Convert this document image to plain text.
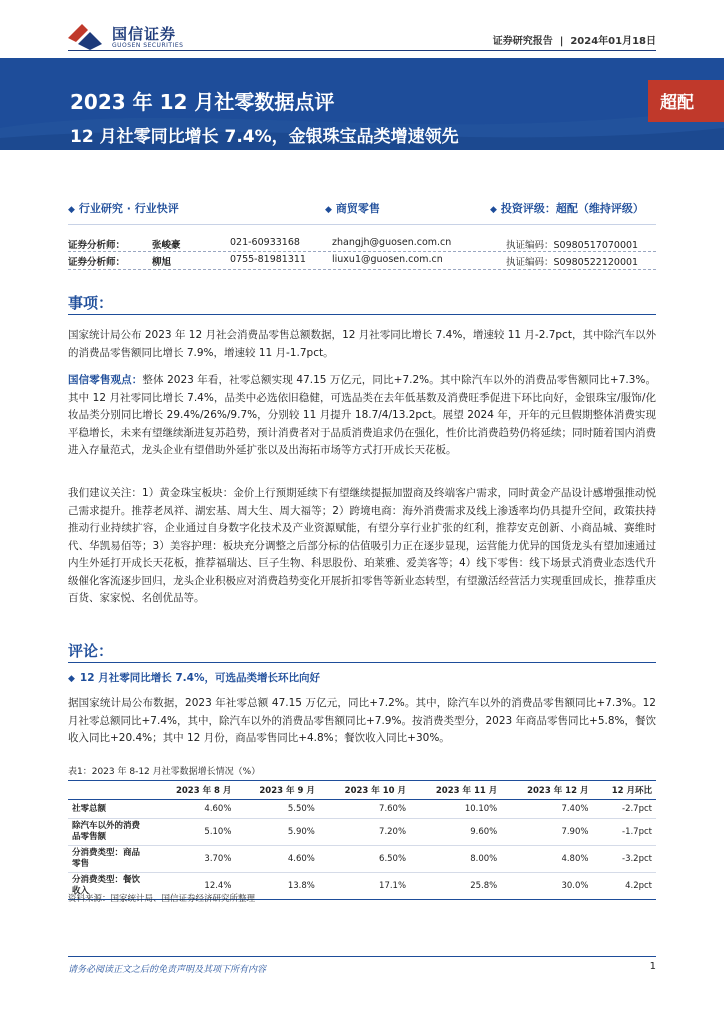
国信证券
GUOSEN SECURITIES	证券研究报告  |  2024年01月18日
2023 年 12 月社零数据点评
12 月社零同比增长 7.4%，金银珠宝品类增速领先
超配
◆ 行业研究 · 行业快评	◆ 商贸零售	◆ 投资评级：超配（维持评级）
证券分析师：	张峻豪	021-60933168	zhangjh@guosen.com.cn	执证编码：S0980517070001
证券分析师：	柳旭	0755-81981311	liuxu1@guosen.com.cn	执证编码：S0980522120001
事项：
国家统计局公布 2023 年 12 月社会消费品零售总额数据，12 月社零同比增长 7.4%，增速较 11 月-2.7pct，其中除汽车以外的消费品零售额同比增长 7.9%，增速较 11 月-1.7pct。
国信零售观点：整体 2023 年看，社零总额实现 47.15 万亿元，同比+7.2%。其中除汽车以外的消费品零售额同比+7.3%。其中 12 月社零同比增长 7.4%，品类中必选依旧稳健，可选品类在去年低基数及消费旺季促进下环比向好，金银珠宝/服饰/化妆品类分别同比增长 29.4%/26%/9.7%，分别较 11 月提升 18.7/4/13.2pct。展望 2024 年，开年的元旦假期整体消费实现平稳增长，未来有望继续渐进复苏趋势，预计消费者对于品质消费追求仍在强化，性价比消费趋势仍将延续；同时随着国内消费进入存量范式，龙头企业有望借助外延扩张以及出海拓市场等方式打开成长天花板。
我们建议关注：1）黄金珠宝板块：金价上行预期延续下有望继续提振加盟商及终端客户需求，同时黄金产品设计感增强推动悦己需求提升。推荐老凤祥、湖宏基、周大生、周大福等；2）跨境电商：海外消费需求及线上渗透率均仍具提升空间，政策扶持推动行业持续扩容，企业通过自身数字化技术及产业资源赋能，有望分享行业扩张的红利，推荐安克创新、小商品城、赛维时代、华凯易佰等；3）美容护理：板块充分调整之后部分标的估值吸引力正在逐步显现，运营能力优异的国货龙头有望加速通过内生外延打开成长天花板，推荐福瑞达、巨子生物、科思股份、珀莱雅、爱美客等；4）线下零售：线下场景式消费业态迭代升级催化客流逐步回归，龙头企业积极应对消费趋势变化开展折扣零售等新业态转型，有望激活经营活力实现重回成长，推荐重庆百货、家家悦、名创优品等。
评论：
◆ 12 月社零同比增长 7.4%，可选品类增长环比向好
据国家统计局公布数据，2023 年社零总额 47.15 万亿元，同比+7.2%。其中，除汽车以外的消费品零售额同比+7.3%。12 月社零总额同比+7.4%，其中，除汽车以外的消费品零售额同比+7.9%。按消费类型分，2023 年商品零售同比+5.8%，餐饮收入同比+20.4%；其中 12 月份，商品零售同比+4.8%；餐饮收入同比+30%。
表1：2023 年 8-12 月社零数据增长情况（%）
	2023 年 8 月	2023 年 9 月	2023 年 10 月	2023 年 11 月	2023 年 12 月	12 月环比
社零总额	4.60%	5.50%	7.60%	10.10%	7.40%	-2.7pct
除汽车以外的消费品零售额	5.10%	5.90%	7.20%	9.60%	7.90%	-1.7pct
分消费类型：商品零售	3.70%	4.60%	6.50%	8.00%	4.80%	-3.2pct
分消费类型：餐饮收入	12.4%	13.8%	17.1%	25.8%	30.0%	4.2pct
资料来源：国家统计局、国信证券经济研究所整理
请务必阅读正文之后的免责声明及其项下所有内容	1
